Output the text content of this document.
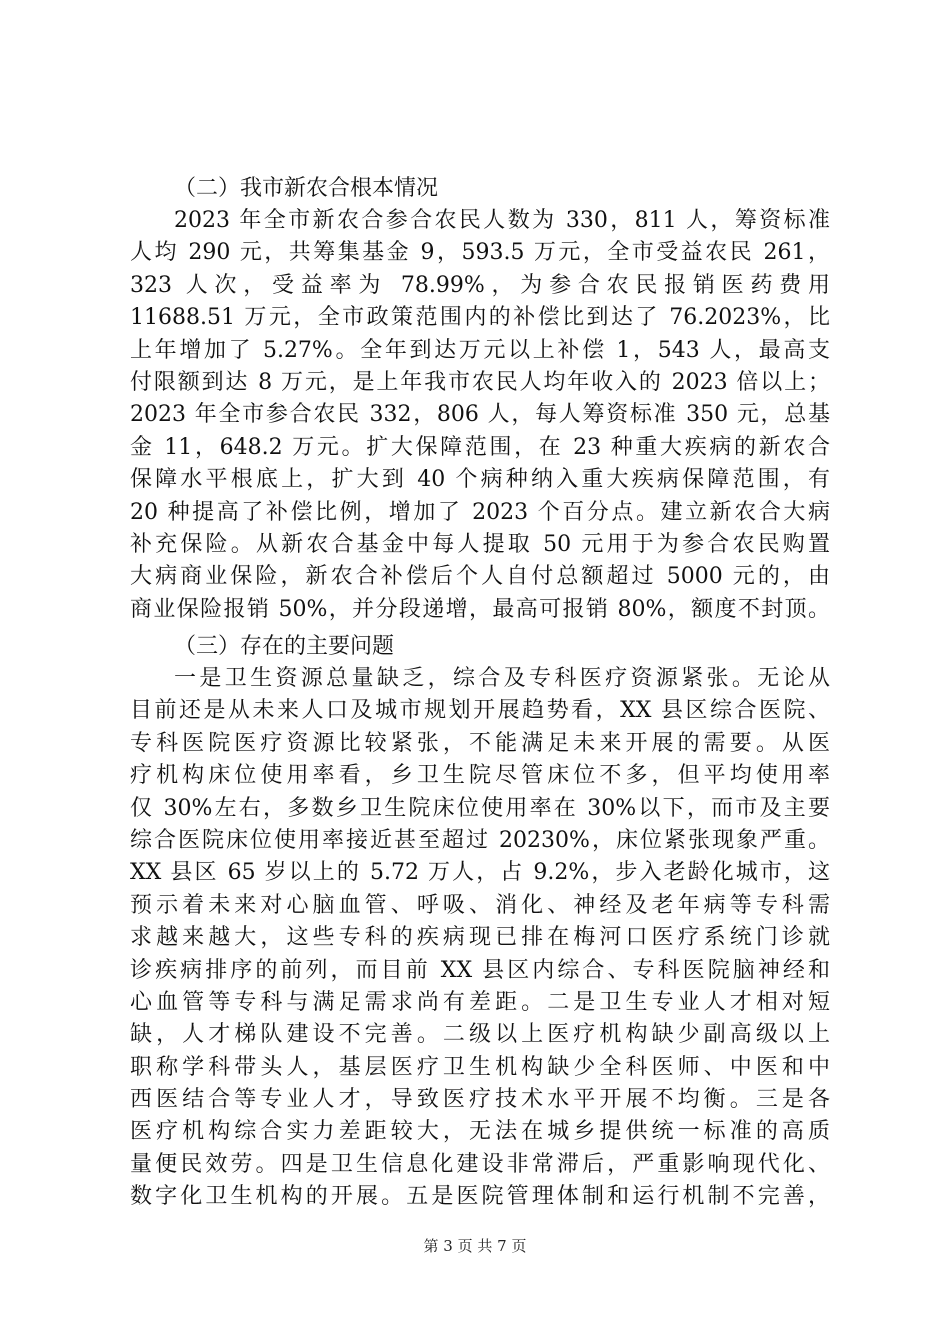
（二）我市新农合根本情况
2023 年全市新农合参合农民人数为 330，811 人，筹资标准
人均 290 元，共筹集基金 9，593.5 万元，全市受益农民 261，
323 人次，受益率为 78.99%，为参合农民报销医药费用
11688.51 万元，全市政策范围内的补偿比到达了 76.2023%，比
上年增加了 5.27%。全年到达万元以上补偿 1，543 人，最高支
付限额到达 8 万元，是上年我市农民人均年收入的 2023 倍以上；
2023 年全市参合农民 332，806 人，每人筹资标准 350 元，总基
金 11，648.2 万元。扩大保障范围，在 23 种重大疾病的新农合
保障水平根底上，扩大到 40 个病种纳入重大疾病保障范围，有
20 种提高了补偿比例，增加了 2023 个百分点。建立新农合大病
补充保险。从新农合基金中每人提取 50 元用于为参合农民购置
大病商业保险，新农合补偿后个人自付总额超过 5000 元的，由
商业保险报销 50%，并分段递增，最高可报销 80%，额度不封顶。
（三）存在的主要问题
一是卫生资源总量缺乏，综合及专科医疗资源紧张。无论从
目前还是从未来人口及城市规划开展趋势看，XX 县区综合医院、
专科医院医疗资源比较紧张，不能满足未来开展的需要。从医
疗机构床位使用率看，乡卫生院尽管床位不多，但平均使用率
仅 30%左右，多数乡卫生院床位使用率在 30%以下，而市及主要
综合医院床位使用率接近甚至超过 20230%，床位紧张现象严重。
XX 县区 65 岁以上的 5.72 万人，占 9.2%，步入老龄化城市，这
预示着未来对心脑血管、呼吸、消化、神经及老年病等专科需
求越来越大，这些专科的疾病现已排在梅河口医疗系统门诊就
诊疾病排序的前列，而目前 XX 县区内综合、专科医院脑神经和
心血管等专科与满足需求尚有差距。二是卫生专业人才相对短
缺，人才梯队建设不完善。二级以上医疗机构缺少副高级以上
职称学科带头人，基层医疗卫生机构缺少全科医师、中医和中
西医结合等专业人才，导致医疗技术水平开展不均衡。三是各
医疗机构综合实力差距较大，无法在城乡提供统一标准的高质
量便民效劳。四是卫生信息化建设非常滞后，严重影响现代化、
数字化卫生机构的开展。五是医院管理体制和运行机制不完善，
第 3 页 共 7 页
